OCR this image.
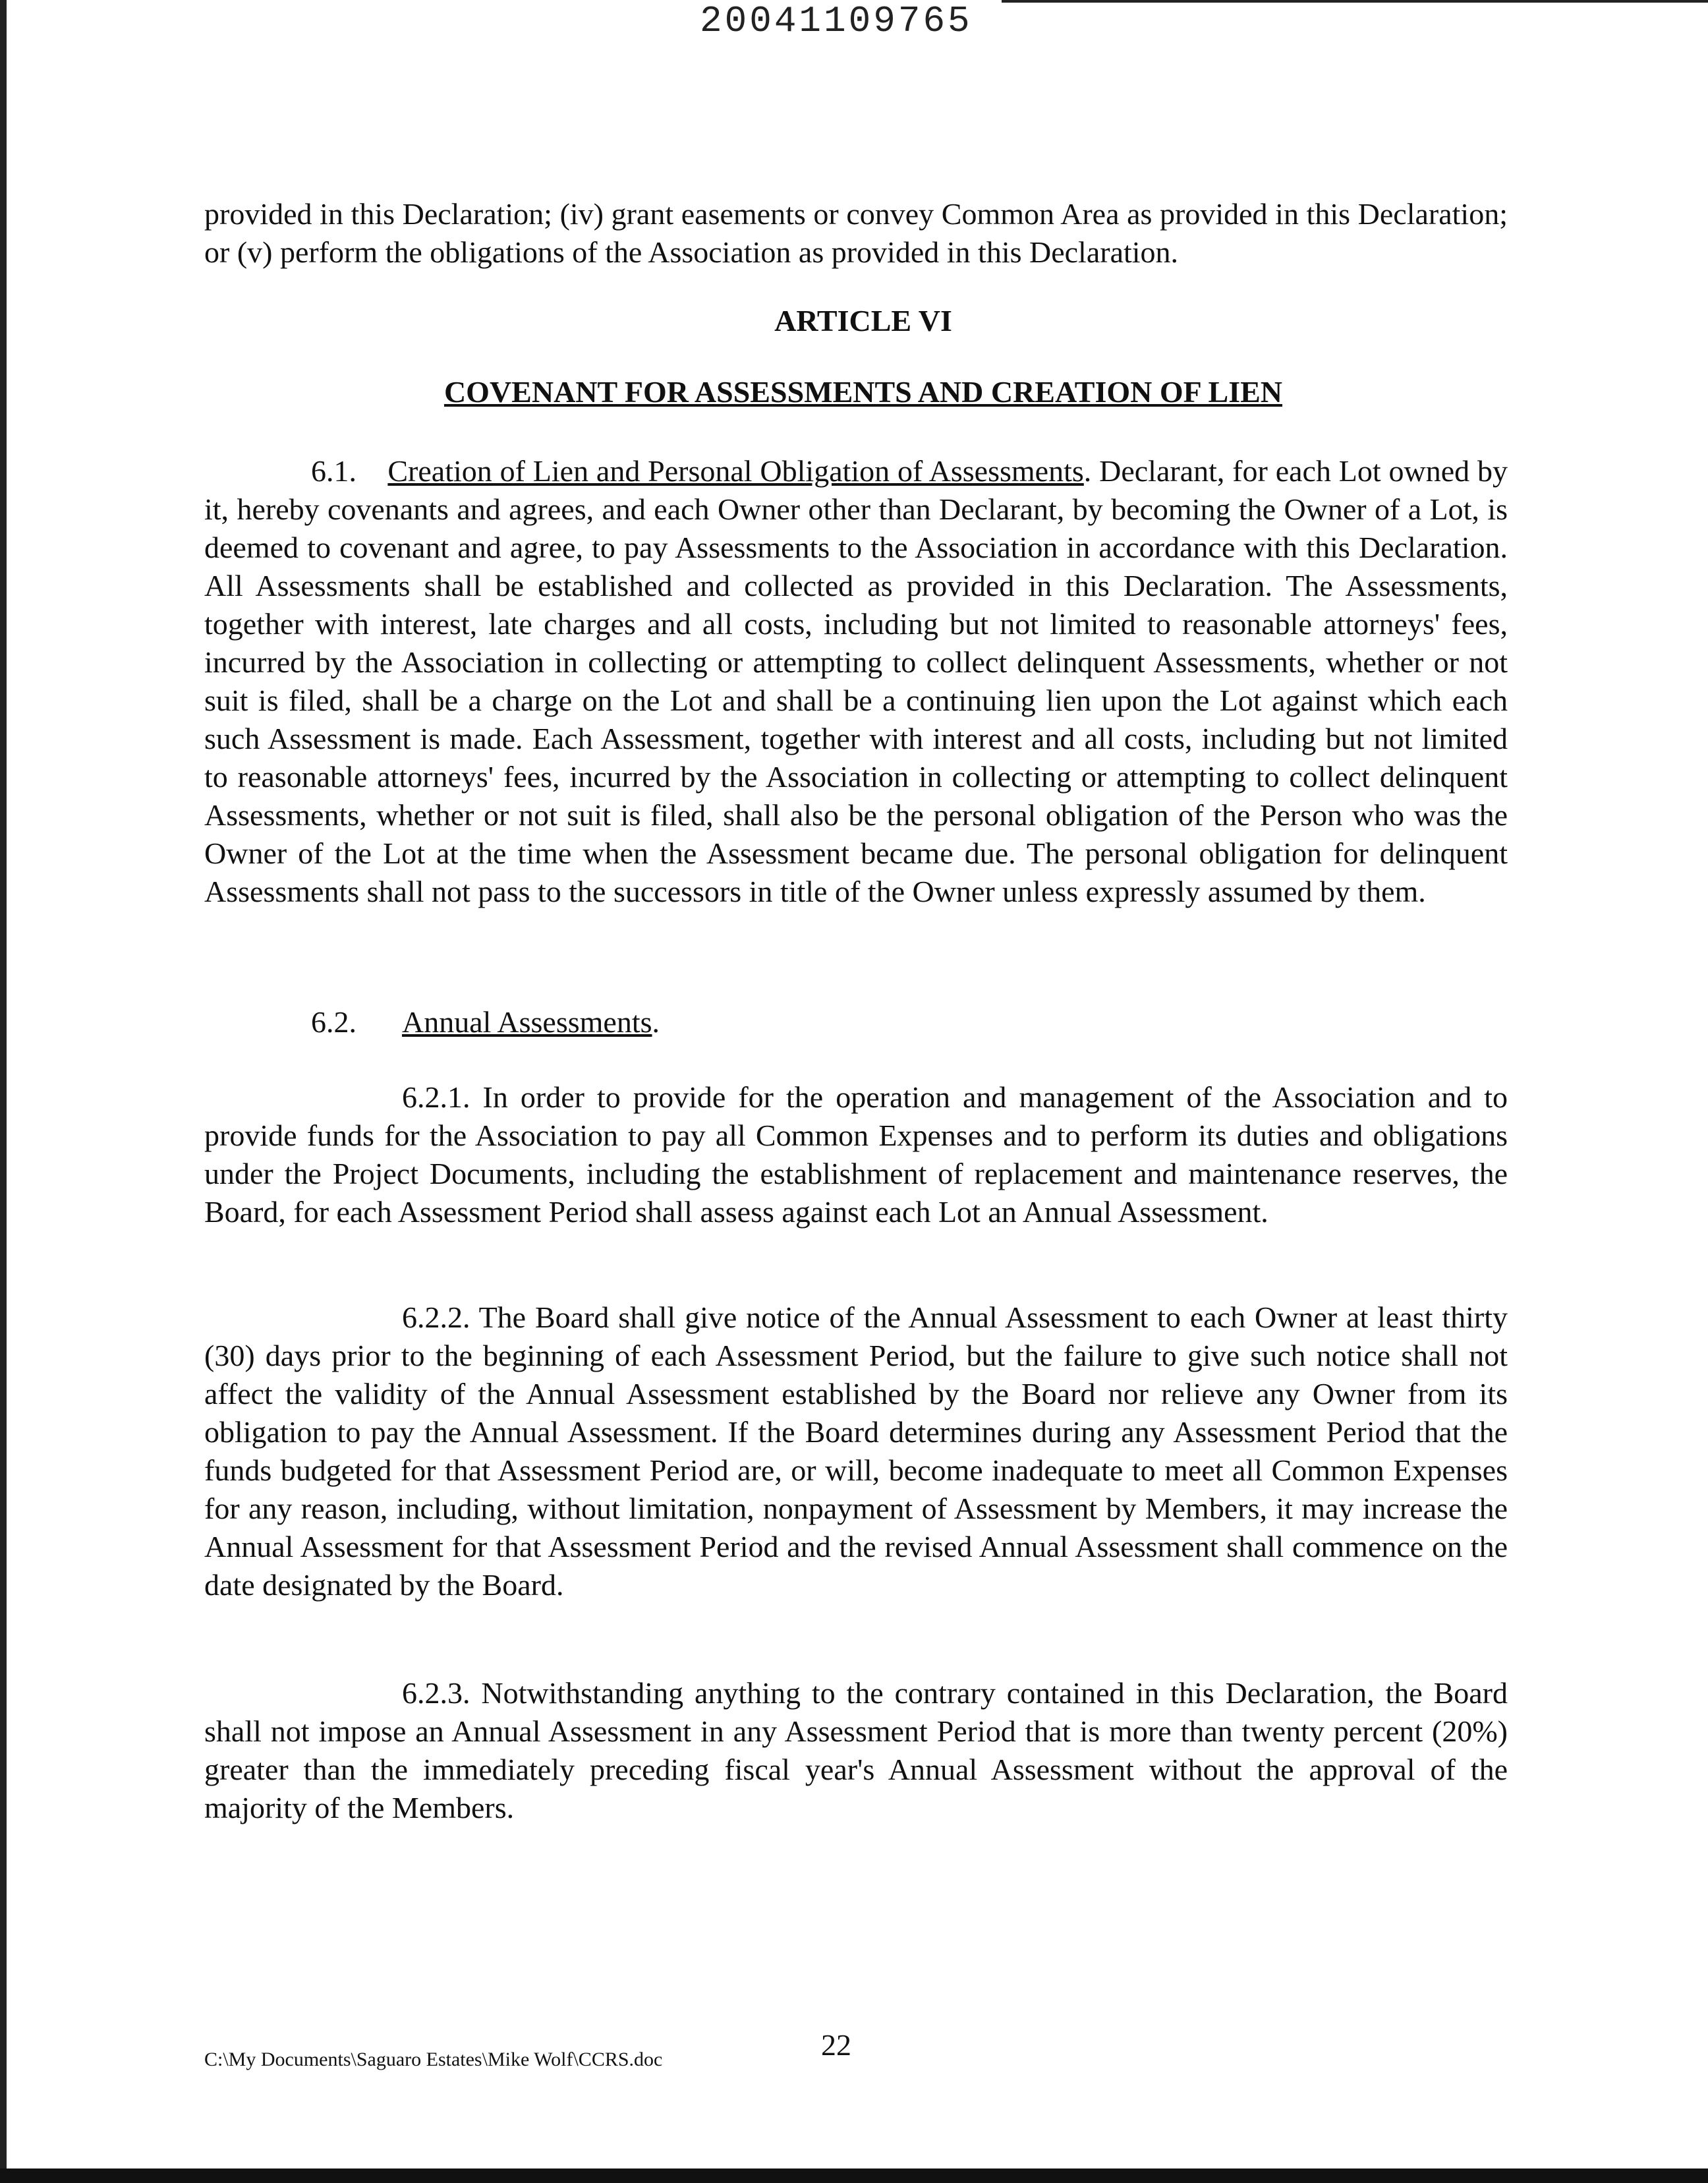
20041109765

provided in this Declaration; (iv) grant easements or convey Common Area as provided in this Declaration; or (v) perform the obligations of the Association as provided in this Declaration.

ARTICLE VI
COVENANT FOR ASSESSMENTS AND CREATION OF LIEN

6.1. Creation of Lien and Personal Obligation of Assessments. Declarant, for each Lot owned by it, hereby covenants and agrees, and each Owner other than Declarant, by becoming the Owner of a Lot, is deemed to covenant and agree, to pay Assessments to the Association in accordance with this Declaration. All Assessments shall be established and collected as provided in this Declaration. The Assessments, together with interest, late charges and all costs, including but not limited to reasonable attorneys' fees, incurred by the Association in collecting or attempting to collect delinquent Assessments, whether or not suit is filed, shall be a charge on the Lot and shall be a continuing lien upon the Lot against which each such Assessment is made. Each Assessment, together with interest and all costs, including but not limited to reasonable attorneys' fees, incurred by the Association in collecting or attempting to collect delinquent Assessments, whether or not suit is filed, shall also be the personal obligation of the Person who was the Owner of the Lot at the time when the Assessment became due. The personal obligation for delinquent Assessments shall not pass to the successors in title of the Owner unless expressly assumed by them.

6.2. Annual Assessments.

6.2.1. In order to provide for the operation and management of the Association and to provide funds for the Association to pay all Common Expenses and to perform its duties and obligations under the Project Documents, including the establishment of replacement and maintenance reserves, the Board, for each Assessment Period shall assess against each Lot an Annual Assessment.

6.2.2. The Board shall give notice of the Annual Assessment to each Owner at least thirty (30) days prior to the beginning of each Assessment Period, but the failure to give such notice shall not affect the validity of the Annual Assessment established by the Board nor relieve any Owner from its obligation to pay the Annual Assessment. If the Board determines during any Assessment Period that the funds budgeted for that Assessment Period are, or will, become inadequate to meet all Common Expenses for any reason, including, without limitation, nonpayment of Assessment by Members, it may increase the Annual Assessment for that Assessment Period and the revised Annual Assessment shall commence on the date designated by the Board.

6.2.3. Notwithstanding anything to the contrary contained in this Declaration, the Board shall not impose an Annual Assessment in any Assessment Period that is more than twenty percent (20%) greater than the immediately preceding fiscal year's Annual Assessment without the approval of the majority of the Members.

C:\My Documents\Saguaro Estates\Mike Wolf\CCRS.doc	22
